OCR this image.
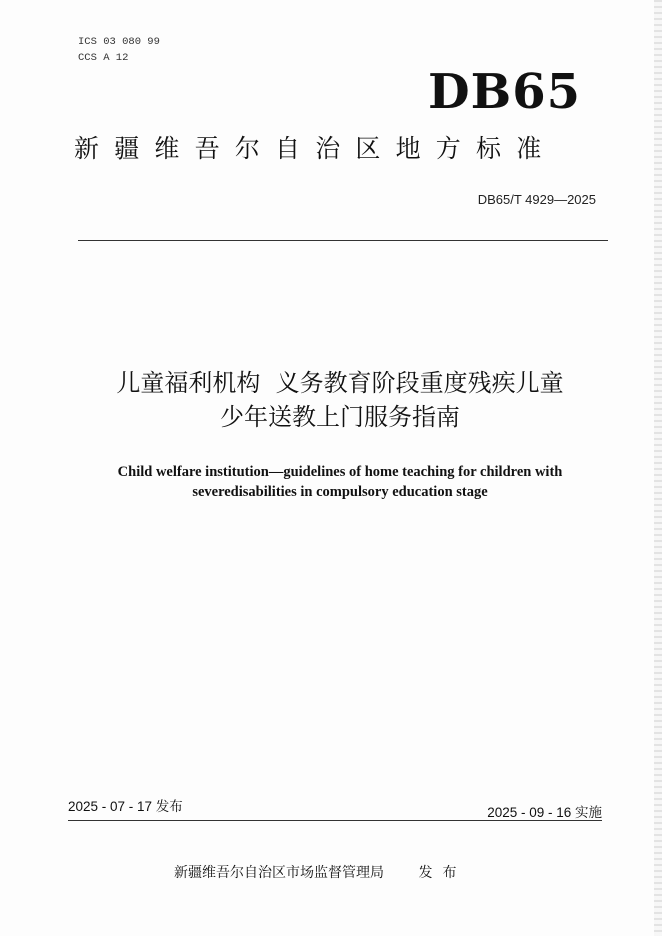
ICS 03 080 99
CCS A 12
DB65
新疆维吾尔自治区地方标准
DB65/T 4929—2025
儿童福利机构  义务教育阶段重度残疾儿童
少年送教上门服务指南
Child welfare institution—guidelines of home teaching for children with
severedisabilities in compulsory education stage
2025 - 07 - 17 发布	2025 - 09 - 16 实施
新疆维吾尔自治区市场监督管理局 发布
